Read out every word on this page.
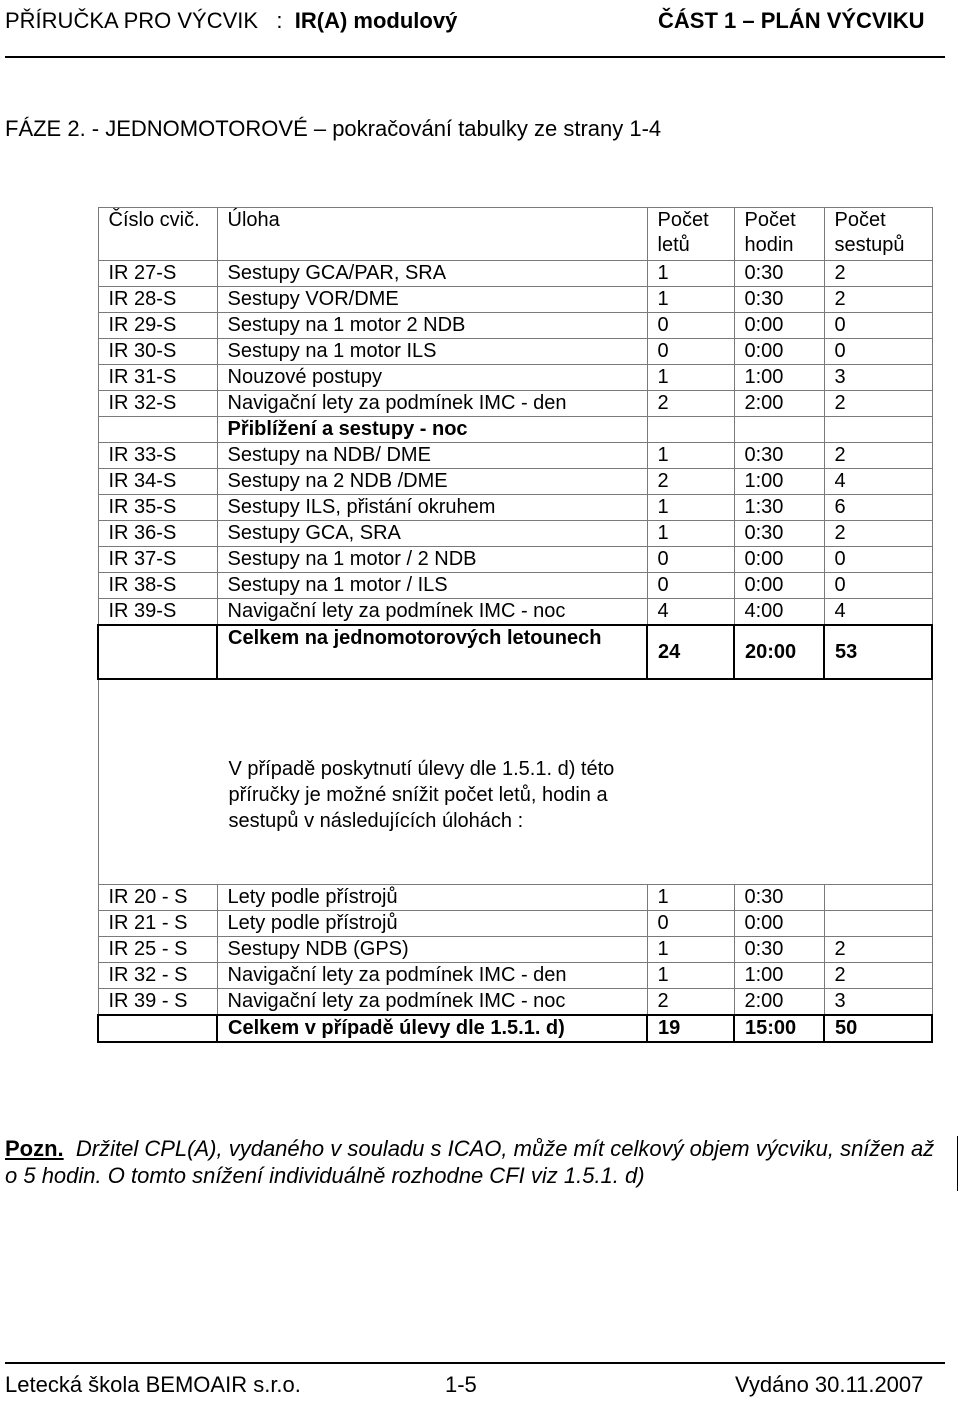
PŘÍRUČKA PRO VÝCVIK : IR(A) modulový	ČÁST 1 – PLÁN VÝCVIKU
FÁZE 2. - JEDNOMOTOROVÉ – pokračování tabulky ze strany 1-4
Číslo cvič.	Úloha	Počet letů	Počet hodin	Počet sestupů
IR 27-S	Sestupy GCA/PAR, SRA	1	0:30	2
IR 28-S	Sestupy VOR/DME	1	0:30	2
IR 29-S	Sestupy na 1 motor 2 NDB	0	0:00	0
IR 30-S	Sestupy na 1 motor ILS	0	0:00	0
IR 31-S	Nouzové postupy	1	1:00	3
IR 32-S	Navigační lety za podmínek IMC - den	2	2:00	2
	Přiblížení a sestupy - noc			
IR 33-S	Sestupy na NDB/ DME	1	0:30	2
IR 34-S	Sestupy na 2 NDB /DME	2	1:00	4
IR 35-S	Sestupy ILS, přistání okruhem	1	1:30	6
IR 36-S	Sestupy GCA, SRA	1	0:30	2
IR 37-S	Sestupy na 1 motor / 2 NDB	0	0:00	0
IR 38-S	Sestupy na 1 motor / ILS	0	0:00	0
IR 39-S	Navigační lety za podmínek IMC - noc	4	4:00	4

	Celkem na jednomotorových letounech	24	20:00	53

V případě poskytnutí úlevy dle 1.5.1. d) této příručky je možné snížit počet letů, hodin a sestupů v následujících úlohách :				

IR 20 - S	Lety podle přístrojů	1	0:30	
IR 21 - S	Lety podle přístrojů	0	0:00	
IR 25 - S	Sestupy NDB (GPS)	1	0:30	2
IR 32 - S	Navigační lety za podmínek IMC - den	1	1:00	2
IR 39 - S	Navigační lety za podmínek IMC - noc	2	2:00	3
	Celkem v případě úlevy dle 1.5.1. d)	19	15:00	50
Pozn. Držitel CPL(A), vydaného v souladu s ICAO, může mít celkový objem výcviku, snížen až o 5 hodin. O tomto snížení individuálně rozhodne CFI viz 1.5.1. d)
Letecká škola BEMOAIR s.r.o.	1-5	Vydáno 30.11.2007
